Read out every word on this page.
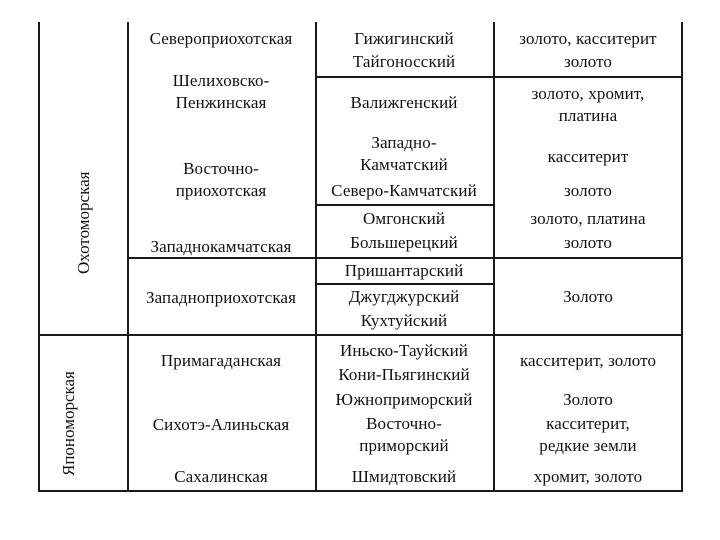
Охотоморская
Япономорская
Североприохотская
Шелиховско-Пенжинская
Восточно-приохотская
Западнокамчатская
Западноприохотская
Примагаданская
Сихотэ-Алиньская
Сахалинская
Гижигинский
Тайгоносский
Валижгенский
Западно-Камчатский
Северо-Камчатский
Омгонский
Большерецкий
Пришантарский
Джугджурский
Кухтуйский
Иньско-Тауйский
Кони-Пьягинский
Южноприморский
Восточно-приморский
Шмидтовский
золото, касситерит
золото
золото, хромит, платина
касситерит
золото
золото, платина
золото
Золото
касситерит, золото
Золото
касситерит, редкие земли
хромит, золото
